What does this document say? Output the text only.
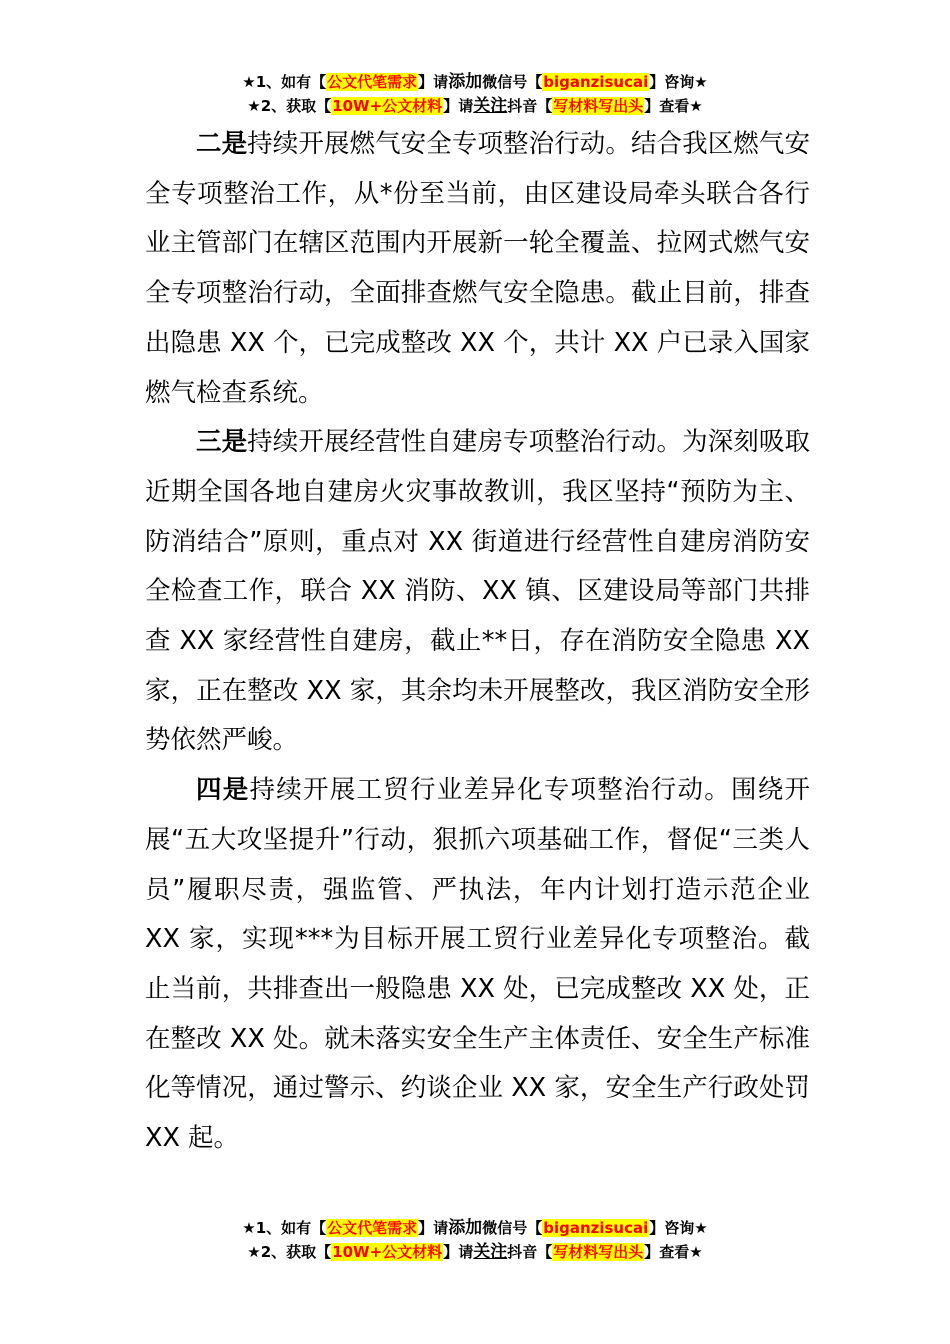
★1、如有【公文代笔需求】请添加微信号【biganzisucai】咨询★
★2、获取【10W+公文材料】请关注抖音【写材料写出头】查看★

二是持续开展燃气安全专项整治行动。结合我区燃气安全专项整治工作，从*份至当前，由区建设局牵头联合各行业主管部门在辖区范围内开展新一轮全覆盖、拉网式燃气安全专项整治行动，全面排查燃气安全隐患。截止目前，排查出隐患 XX 个，已完成整改 XX 个，共计 XX 户已录入国家燃气检查系统。

三是持续开展经营性自建房专项整治行动。为深刻吸取近期全国各地自建房火灾事故教训，我区坚持“预防为主、防消结合”原则，重点对 XX 街道进行经营性自建房消防安全检查工作，联合 XX 消防、XX 镇、区建设局等部门共排查 XX 家经营性自建房，截止**日，存在消防安全隐患 XX 家，正在整改 XX 家，其余均未开展整改，我区消防安全形势依然严峻。

四是持续开展工贸行业差异化专项整治行动。围绕开展“五大攻坚提升”行动，狠抓六项基础工作，督促“三类人员”履职尽责，强监管、严执法，年内计划打造示范企业 XX 家，实现***为目标开展工贸行业差异化专项整治。截止当前，共排查出一般隐患 XX 处，已完成整改 XX 处，正在整改 XX 处。就未落实安全生产主体责任、安全生产标准化等情况，通过警示、约谈企业 XX 家，安全生产行政处罚 XX 起。

★1、如有【公文代笔需求】请添加微信号【biganzisucai】咨询★
★2、获取【10W+公文材料】请关注抖音【写材料写出头】查看★
